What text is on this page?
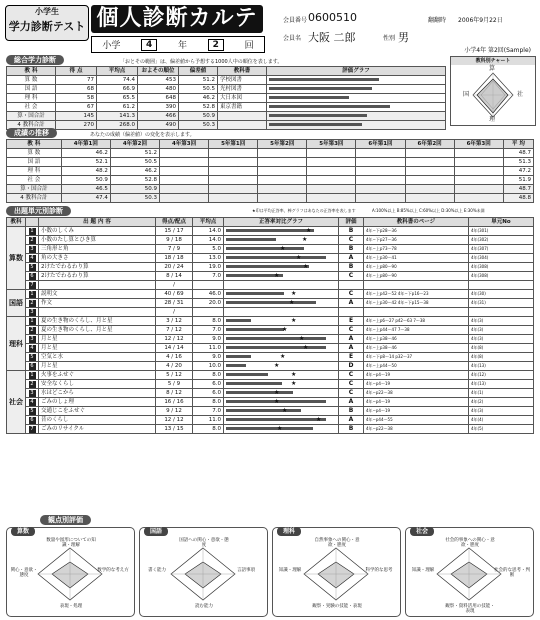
小学生
学力診断テスト 個人診断カルテ
小学	4	年	2	回
会員番号 0600510
会員名 大阪 二郎	性別 男
翻翻時 2006年9月22日
小学4年 第2回(Sample)
総合学力診断	「おとその範囲」は、偏差値から予想する1000人中の順位を表します。
教 科	得 点	平均点	およその順位	偏差値	教科書	評価グラフ
算 数	77	74.4	453	51.2	学校図書	

国 語	68	66.9	480	50.5	光村図書	

理 科	58	65.5	648	46.2	大日本図	

社 会	67	61.2	390	52.8	東京書籍	

算・国合計	145	141.3	466	50.9		

4 教科合計	270	268.0	490	50.3		
教科別チャート
算
国	社
理
成績の推移	あなたの成績（偏差値）の変化を表示します。
教 科	4年第1回	4年第2回	4年第3回	5年第1回	5年第2回	5年第3回	6年第1回	6年第2回	6年第3回	平 均
算 数	46.2	51.2								48.7
国 語	52.1	50.5								51.3
理 科	48.2	46.2								47.2
社 会	50.9	52.8								51.9
算・国合計	46.5	50.9								48.7
4 教科合計	47.4	50.3								48.8
出題単元別診断	★印は平均正答率、棒グラフはあなたの正答率を表します	A:100%以上 B:85%以上 C:60%以上 D:30%以上 E:30%未満
教科		出 題 内 容	得点/配点	平均点	正答率対比グラフ	評価	教科書のページ	単元No
算数	1	小数のしくみ	15 / 17	14.0	★	B	4年−下p28〜36	4年(301)
	2	小数のたし算とひき算	9 / 18	14.0	★	C	4年−下p27〜36	4年(302)
	3	三角形と角	7 / 9	5.0	★	B	4年−上p73〜78	4年(307)
	4	角の大きさ	18 / 18	13.0	★	A	4年−上p30〜41	4年(304)
	5	2けたでわるわり算	20 / 24	19.0	★	B	4年−上p80〜90	4年(308)
	6	2けたでわるわり算	8 / 14	7.0	★	C	4年−上p80〜90	4年(308)
	7		/					
国語	1	説明文	40 / 69	46.0	★	C	4年−上p42〜52 4年−下p16〜23	4年(30)
	2	作文	28 / 31	20.0	★	A	4年−上p30〜42 4年−下p15〜38	4年(31)
	3		/					
理科	1	夏の生き物のくらし、月と星	3 / 12	8.0	★	E	4年−上p6〜27 p42〜63 7〜38	4年(3)
	2	夏の生き物のくらし、月と星	7 / 12	7.0	★	C	4年−上p44〜47 7〜38	4年(3)
	3	月と星	12 / 12	9.0	★	A	4年−上p38〜46	4年(3)
	4	月と星	14 / 14	11.0	★	A	4年−上p38〜46	4年(8)
	5	空気と水	4 / 16	9.0	★	E	4年−下p8〜14 p32〜37	4年(8)
	6	月と星	4 / 20	10.0	★	D	4年−上p44〜50	4年(13)
社会	1	火事をふせぐ	5 / 12	8.0	★	C	4年−p4〜19	4年(12)
	2	安全なくらし	5 / 9	6.0	★	C	4年−p4〜19	4年(13)
	3	水はどこから	8 / 12	6.0	★	C	4年−p22〜38	4年(1)
	4	ごみのしょ理	16 / 16	8.0	★	A	4年−p4〜19	4年(2)
	5	交通じこをふせぐ	9 / 12	7.0	★	B	4年−p4〜19	4年(3)
	6	昔のくらし	12 / 12	11.0	★	A	4年−p44〜55	4年(4)
	7	ごみのリサイクル	13 / 15	8.0	★	B	4年−p22〜38	4年(5)
観点別評価
算数
数量や図形についての知識・理解
数学的な考え方
表現・処理
関心・意欲・態度
国語
国語への関心・意欲・態度
言語事項
読む能力
書く能力
理科
自然事象への関心・意欲・態度
科学的な思考
観察・実験の技能・表現
知識・理解
社会
社会的事象への関心・意欲・態度
社会的な思考・判断
観察・資料活用の技能・表現
知識・理解
